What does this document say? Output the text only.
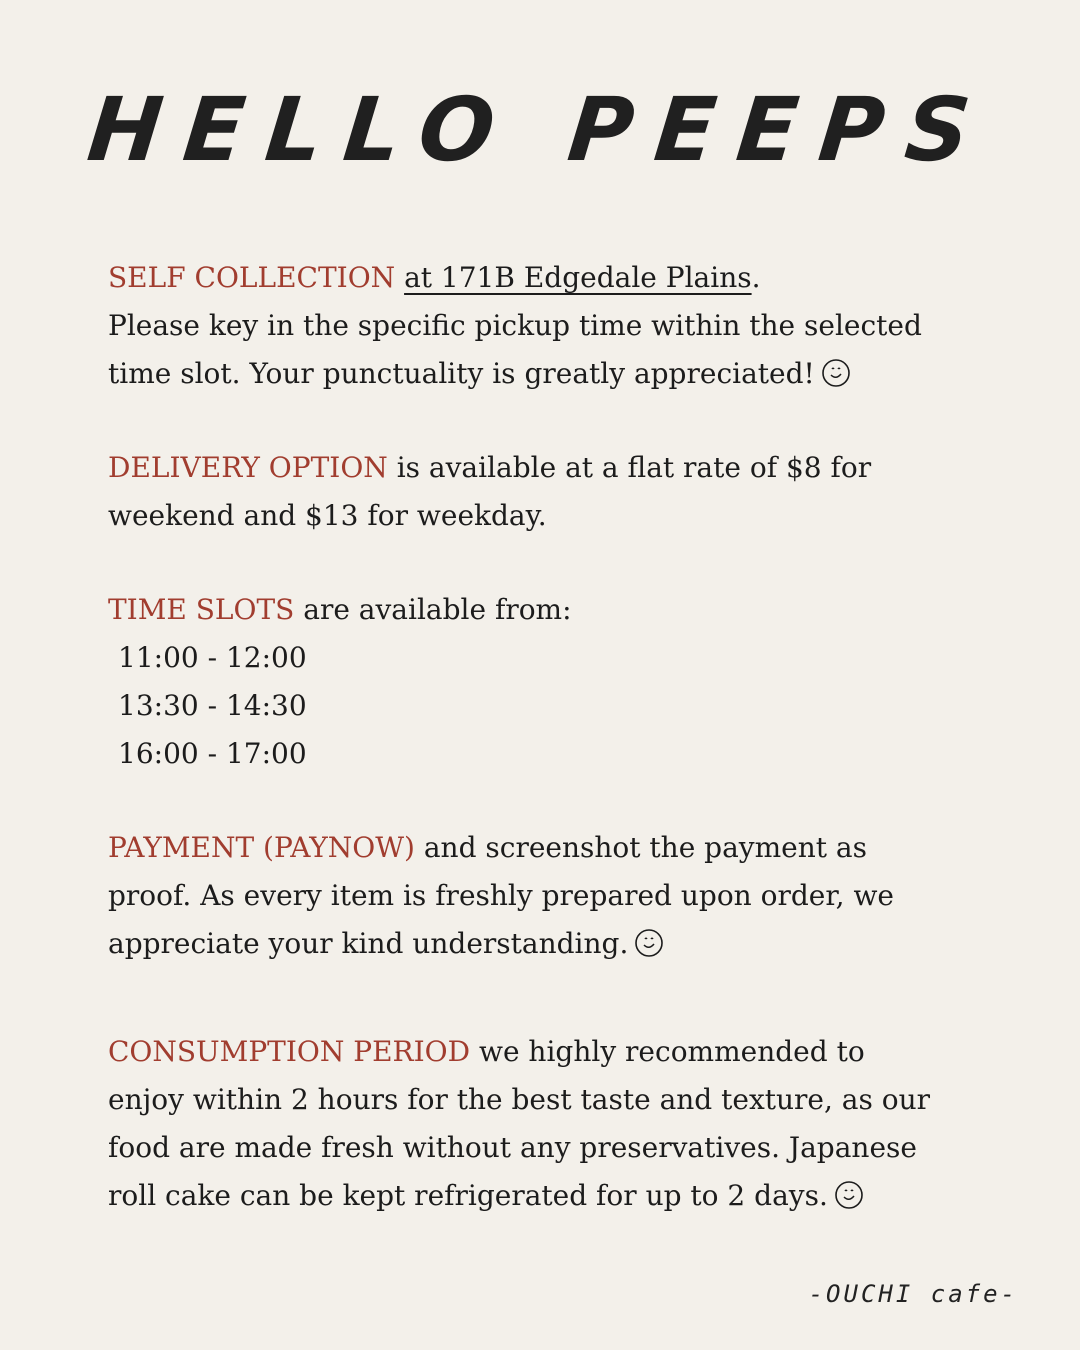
HELLO PEEPS
SELF COLLECTION at 171B Edgedale Plains.
Please key in the specific pickup time within the selected
time slot. Your punctuality is greatly appreciated!
DELIVERY OPTION is available at a flat rate of $8 for
weekend and $13 for weekday.
TIME SLOTS are available from:
11:00 - 12:00
13:30 - 14:30
16:00 - 17:00
PAYMENT (PAYNOW) and screenshot the payment as
proof. As every item is freshly prepared upon order, we
appreciate your kind understanding.
CONSUMPTION PERIOD we highly recommended to
enjoy within 2 hours for the best taste and texture, as our
food are made fresh without any preservatives. Japanese
roll cake can be kept refrigerated for up to 2 days.
-OUCHI cafe-
